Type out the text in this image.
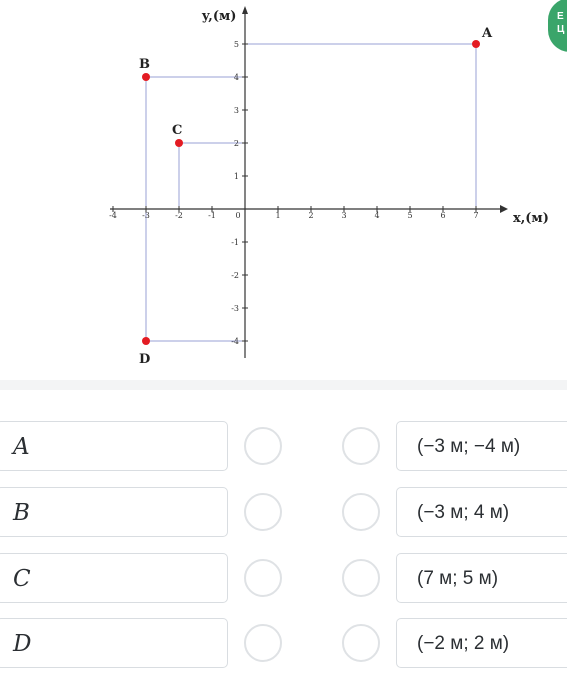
x,(м)
y,(м)
-4	-3	-2	-1	1	2	3	4	5	6	7
0
5
4
3
2
1
-1
-2
-3
-4
A
B
C
D
Е
Ц
A	(−3 м; −4 м)
B	(−3 м; 4 м)
C	(7 м; 5 м)
D	(−2 м; 2 м)
